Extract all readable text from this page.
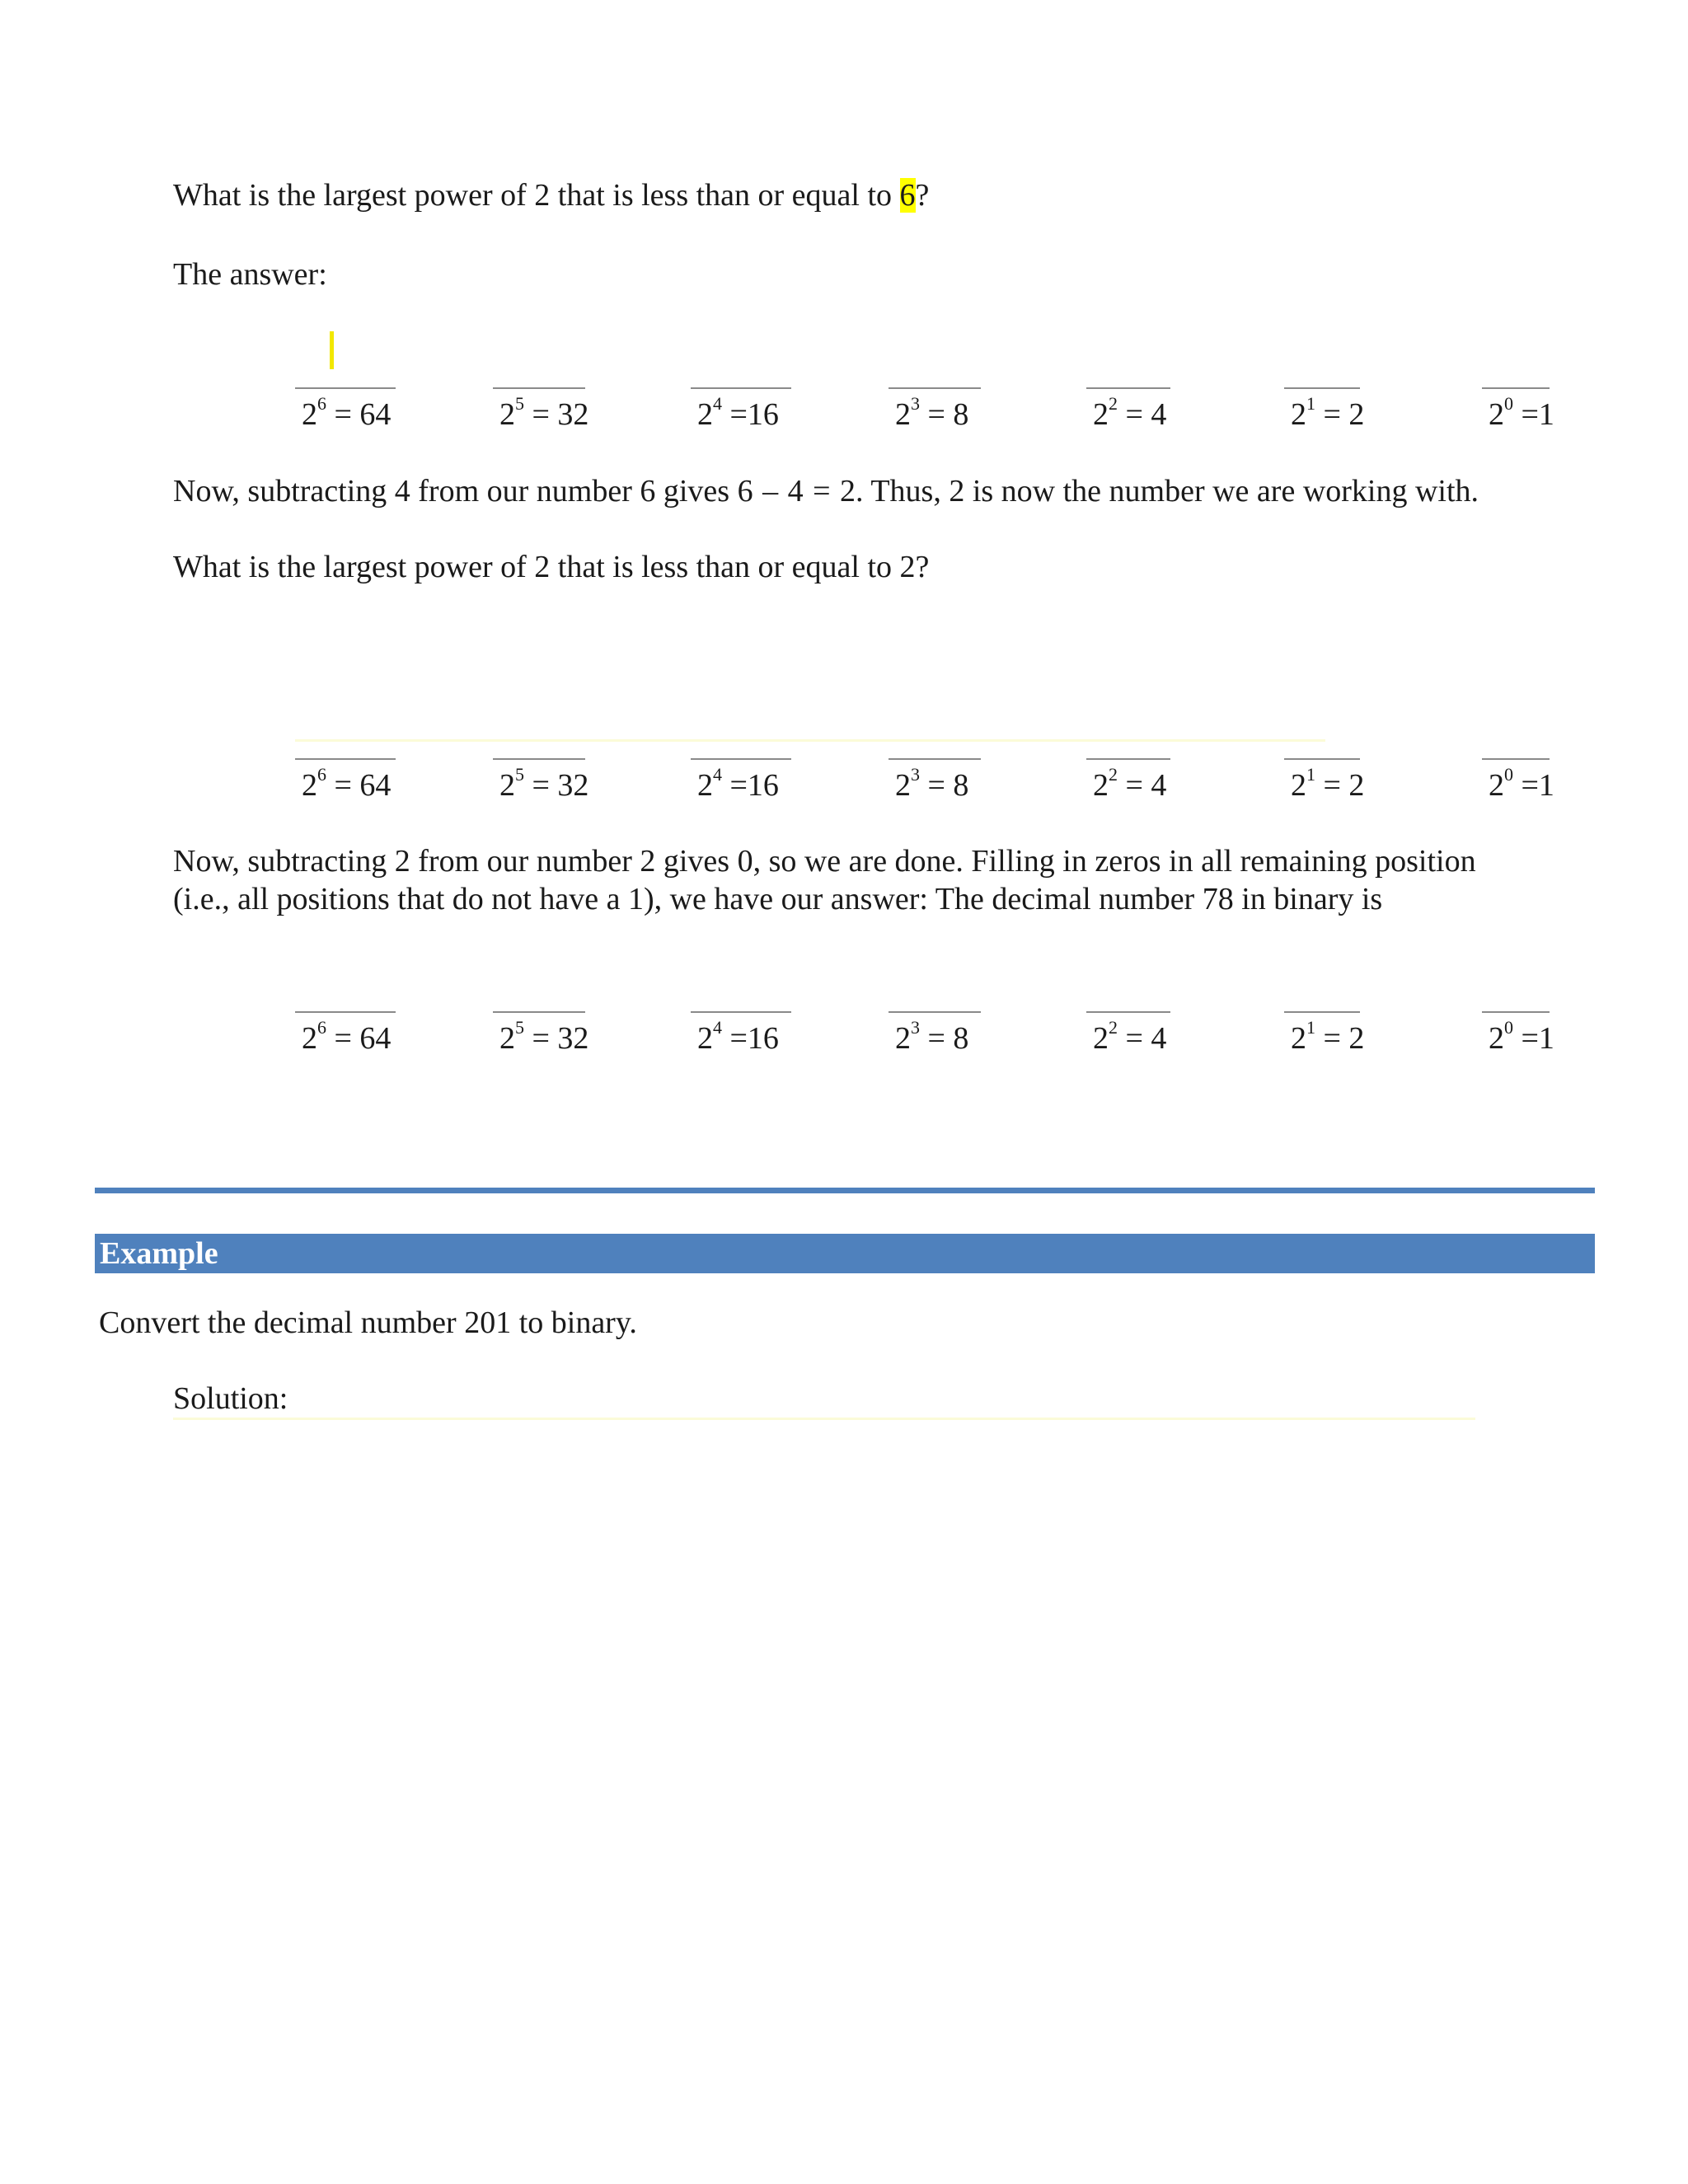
What is the largest power of 2 that is less than or equal to 6?
The answer:
$2^6 = 64$	$2^5 = 32$	$2^4 =16$	$2^3 = 8$	$2^2 = 4$	$2^1 = 2$	$2^0 =1$
Now, subtracting 4 from our number 6 gives 6 – 4 = 2. Thus, 2 is now the number we are working with.
What is the largest power of 2 that is less than or equal to 2?
$2^6 = 64$	$2^5 = 32$	$2^4 =16$	$2^3 = 8$	$2^2 = 4$	$2^1 = 2$	$2^0 =1$
Now, subtracting 2 from our number 2 gives 0, so we are done. Filling in zeros in all remaining position
(i.e., all positions that do not have a 1), we have our answer: The decimal number 78 in binary is
$2^6 = 64$	$2^5 = 32$	$2^4 =16$	$2^3 = 8$	$2^2 = 4$	$2^1 = 2$	$2^0 =1$
Example
Convert the decimal number 201 to binary.
Solution:
